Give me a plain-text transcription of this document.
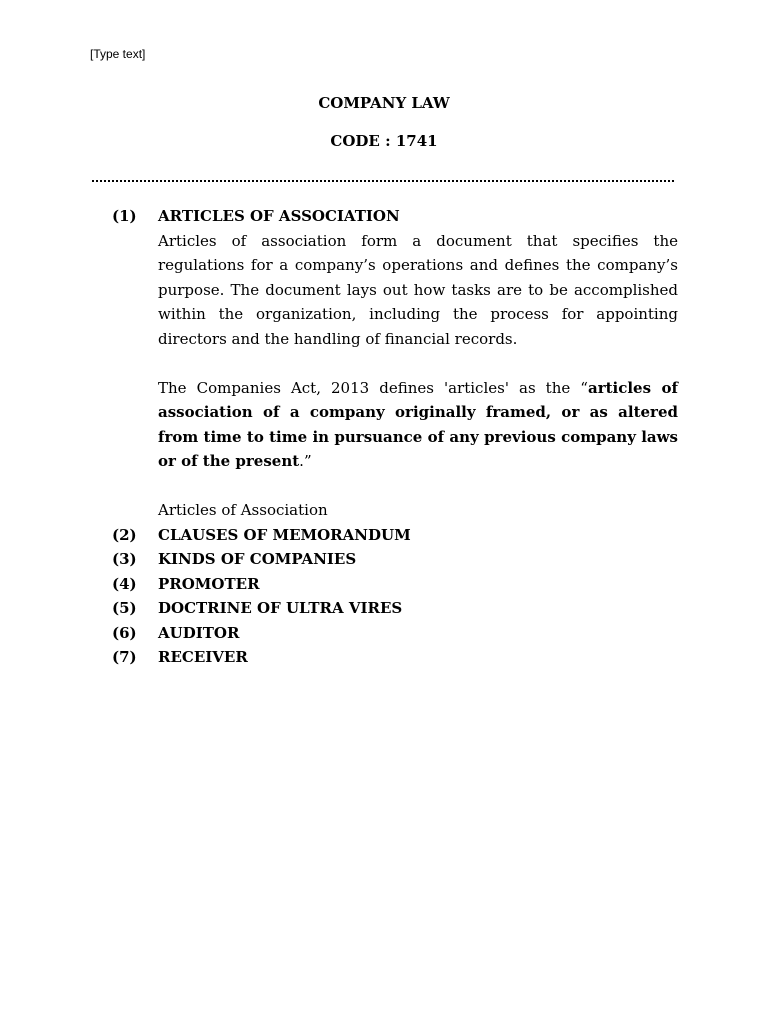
[Type text]
COMPANY LAW
CODE : 1741
(1)	ARTICLES OF ASSOCIATION

Articles of association form a document that specifies the regulations for a company’s operations and defines the company’s purpose. The document lays out how tasks are to be accomplished within the organization, including the process for appointing directors and the handling of financial records.

The Companies Act, 2013 defines 'articles' as the “articles of association of a company originally framed, or as altered from time to time in pursuance of any previous company laws or of the present.”

Articles of Association
(2)	CLAUSES OF MEMORANDUM
(3)	KINDS OF COMPANIES
(4)	PROMOTER
(5)	DOCTRINE OF ULTRA VIRES
(6)	AUDITOR
(7)	RECEIVER
